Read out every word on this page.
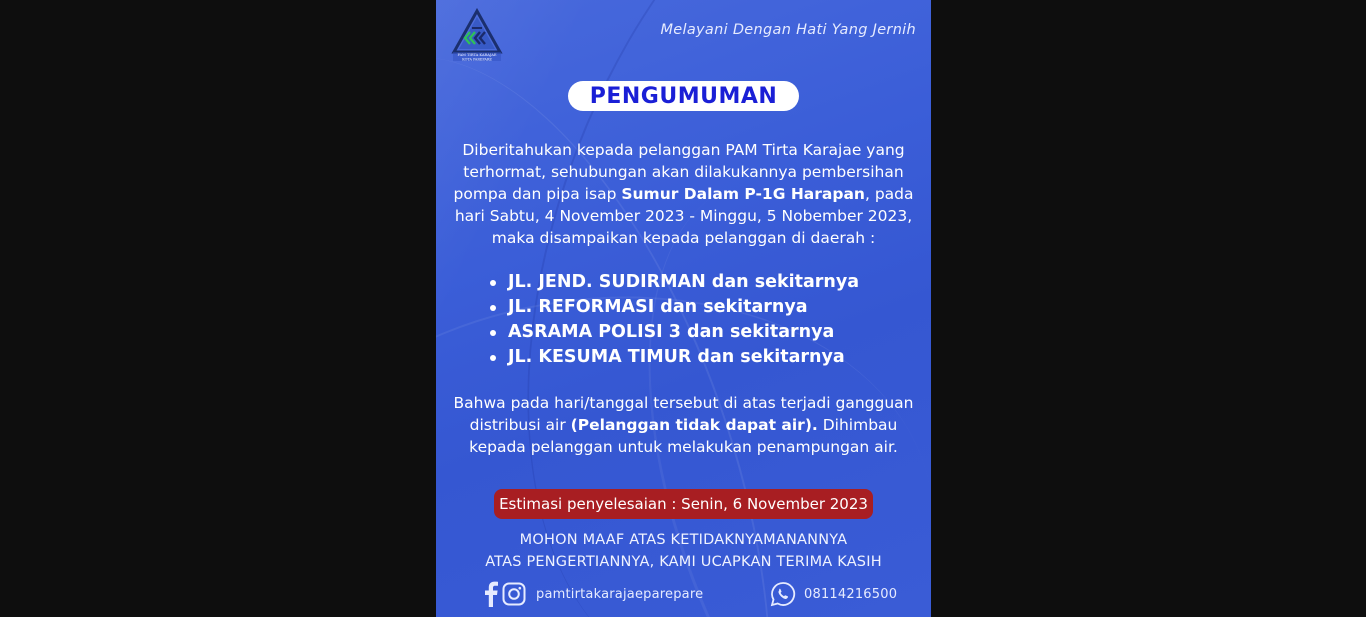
PAM TIRTA KARAJAE
KOTA PAREPARE
Melayani Dengan Hati Yang Jernih
PENGUMUMAN
Diberitahukan kepada pelanggan PAM Tirta Karajae yang terhormat, sehubungan akan dilakukannya pembersihan pompa dan pipa isap Sumur Dalam P-1G Harapan, pada hari Sabtu, 4 November 2023 - Minggu, 5 Nobember 2023, maka disampaikan kepada pelanggan di daerah :
JL. JEND. SUDIRMAN dan sekitarnya
JL. REFORMASI dan sekitarnya
ASRAMA POLISI 3 dan sekitarnya
JL. KESUMA TIMUR dan sekitarnya
Bahwa pada hari/tanggal tersebut di atas terjadi gangguan distribusi air (Pelanggan tidak dapat air). Dihimbau kepada pelanggan untuk melakukan penampungan air.
Estimasi penyelesaian : Senin, 6 November 2023
MOHON MAAF ATAS KETIDAKNYAMANANNYA
ATAS PENGERTIANNYA, KAMI UCAPKAN TERIMA KASIH
pamtirtakarajaeparepare	08114216500
